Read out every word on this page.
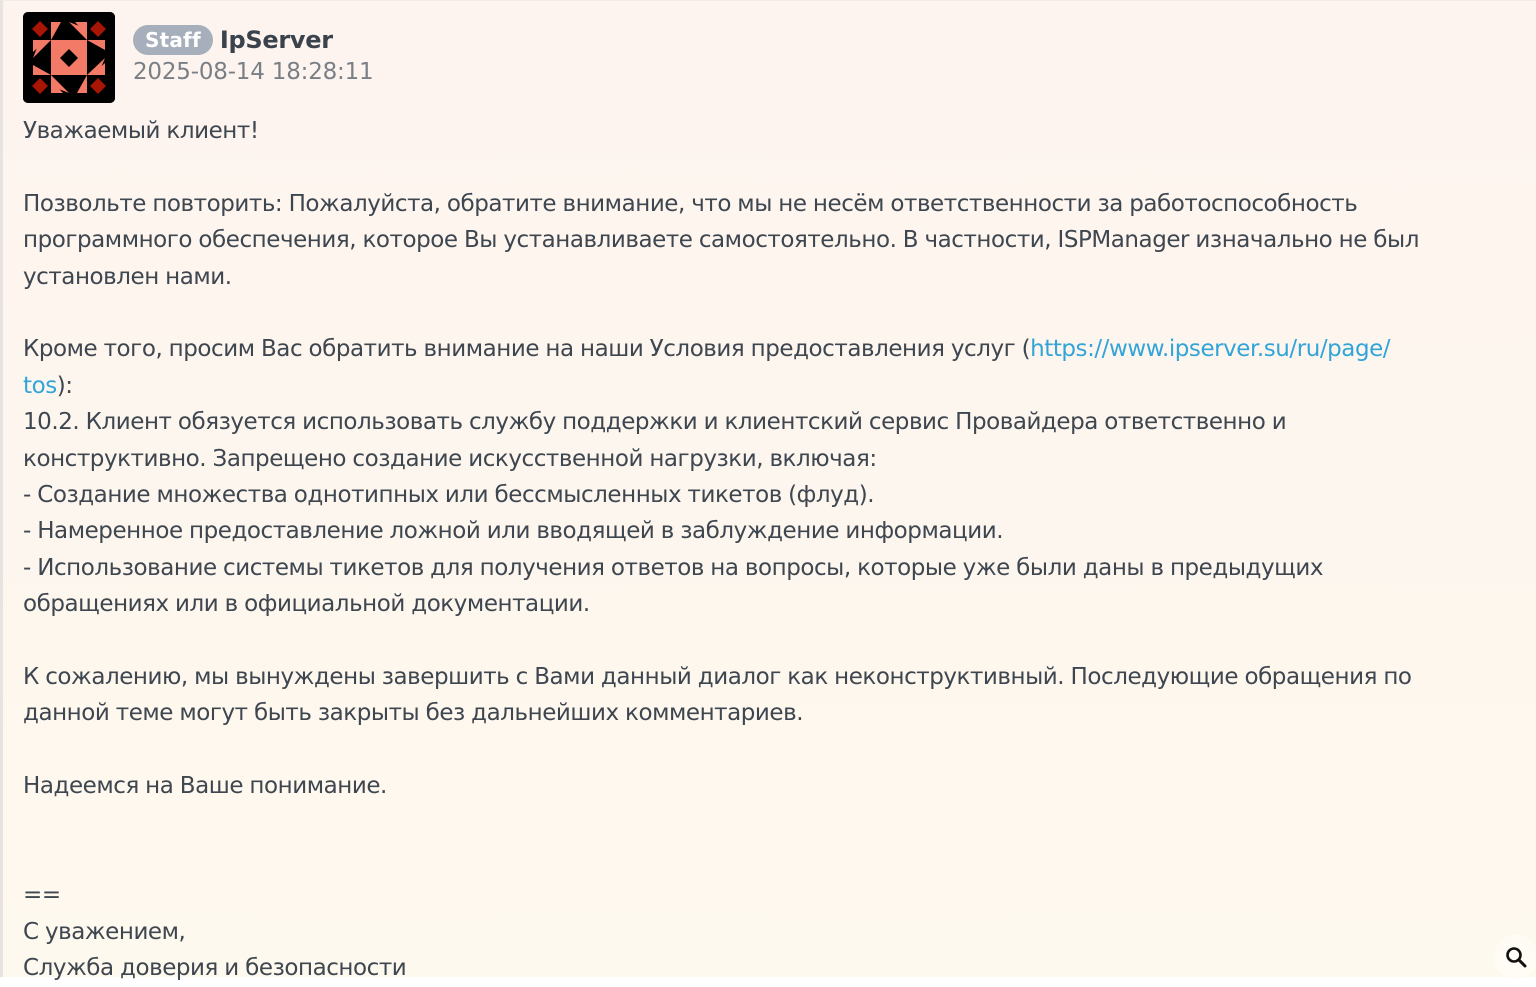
Staff IpServer
2025-08-14 18:28:11

Уважаемый клиент!

Позвольте повторить: Пожалуйста, обратите внимание, что мы не несём ответственности за работоспособность

программного обеспечения, которое Вы устанавливаете самостоятельно. В частности, ISPManager изначально не был

установлен нами.

Кроме того, просим Вас обратить внимание на наши Условия предоставления услуг (https://www.ipserver.su/ru/page/

tos):

10.2. Клиент обязуется использовать службу поддержки и клиентский сервис Провайдера ответственно и

конструктивно. Запрещено создание искусственной нагрузки, включая:

- Создание множества однотипных или бессмысленных тикетов (флуд).

- Намеренное предоставление ложной или вводящей в заблуждение информации.

- Использование системы тикетов для получения ответов на вопросы, которые уже были даны в предыдущих

обращениях или в официальной документации.

К сожалению, мы вынуждены завершить с Вами данный диалог как неконструктивный. Последующие обращения по

данной теме могут быть закрыты без дальнейших комментариев.

Надеемся на Ваше понимание.

==

С уважением,

Служба доверия и безопасности
